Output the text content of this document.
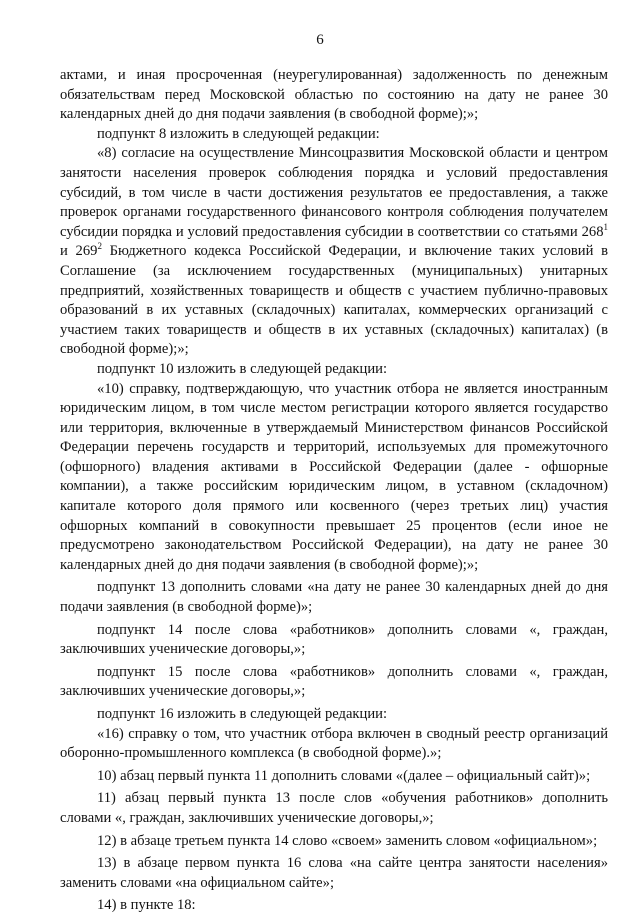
6

актами, и иная просроченная (неурегулированная) задолженность по денежным обязательствам перед Московской областью по состоянию на дату не ранее 30 календарных дней до дня подачи заявления (в свободной форме);»;

подпункт 8 изложить в следующей редакции:

«8) согласие на осуществление Минсоцразвития Московской области и центром занятости населения проверок соблюдения порядка и условий предоставления субсидий, в том числе в части достижения результатов ее предоставления, а также проверок органами государственного финансового контроля соблюдения получателем субсидии порядка и условий предоставления субсидии в соответствии со статьями $268^1$ и $269^2$ Бюджетного кодекса Российской Федерации, и включение таких условий в Соглашение (за исключением государственных (муниципальных) унитарных предприятий, хозяйственных товариществ и обществ с участием публично-правовых образований в их уставных (складочных) капиталах, коммерческих организаций с участием таких товариществ и обществ в их уставных (складочных) капиталах) (в свободной форме);»;

подпункт 10 изложить в следующей редакции:

«10) справку, подтверждающую, что участник отбора не является иностранным юридическим лицом, в том числе местом регистрации которого является государство или территория, включенные в утверждаемый Министерством финансов Российской Федерации перечень государств и территорий, используемых для промежуточного (офшорного) владения активами в Российской Федерации (далее - офшорные компании), а также российским юридическим лицом, в уставном (складочном) капитале которого доля прямого или косвенного (через третьих лиц) участия офшорных компаний в совокупности превышает 25 процентов (если иное не предусмотрено законодательством Российской Федерации), на дату не ранее 30 календарных дней до дня подачи заявления (в свободной форме);»;

подпункт 13 дополнить словами «на дату не ранее 30 календарных дней до дня подачи заявления (в свободной форме)»;

подпункт 14 после слова «работников» дополнить словами «, граждан, заключивших ученические договоры,»;

подпункт 15 после слова «работников» дополнить словами «, граждан, заключивших ученические договоры,»;

подпункт 16 изложить в следующей редакции:

«16) справку о том, что участник отбора включен в сводный реестр организаций оборонно-промышленного комплекса (в свободной форме).»;

10) абзац первый пункта 11 дополнить словами «(далее – официальный сайт)»;

11) абзац первый пункта 13 после слов «обучения работников» дополнить словами «, граждан, заключивших ученические договоры,»;

12) в абзаце третьем пункта 14 слово «своем» заменить словом «официальном»;

13) в абзаце первом пункта 16 слова «на сайте центра занятости населения» заменить словами «на официальном сайте»;

14) в пункте 18:
